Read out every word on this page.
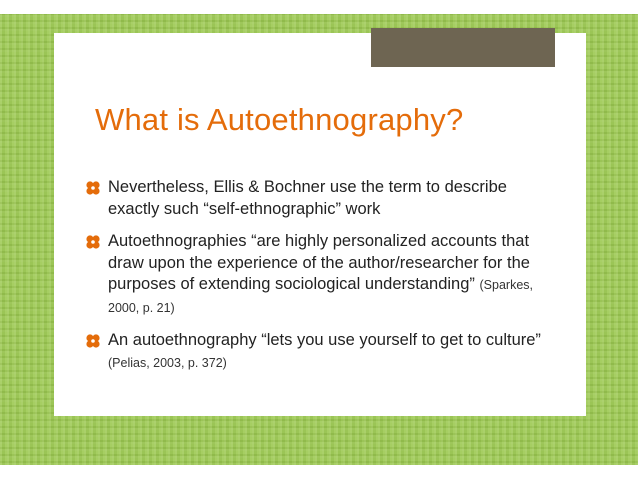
What is Autoethnography?
Nevertheless, Ellis & Bochner use the term to describe exactly such “self-ethnographic” work
Autoethnographies “are highly personalized accounts that draw upon the experience of the author/researcher for the purposes of extending sociological understanding” (Sparkes, 2000, p. 21)
An autoethnography “lets you use yourself to get to culture” (Pelias, 2003, p. 372)
